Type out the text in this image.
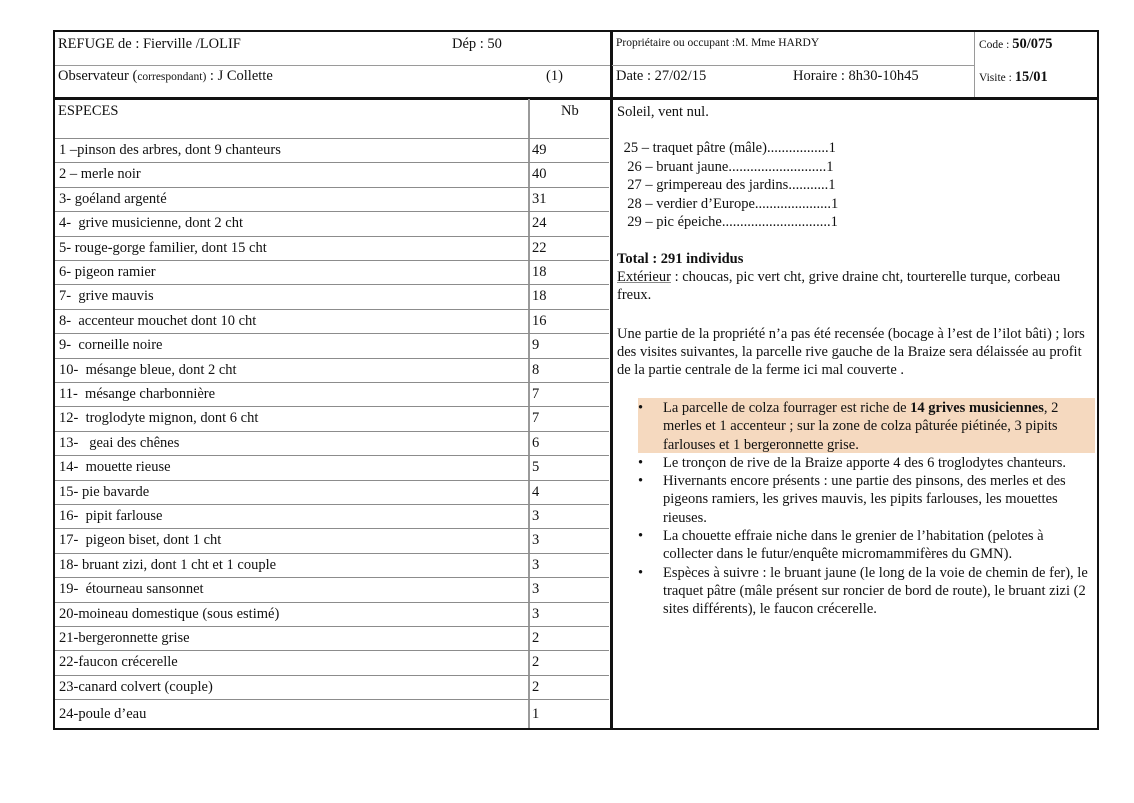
REFUGE de : Fierville /LOLIF	Dép : 50
Observateur (correspondant) : J Collette	(1)
Propriétaire ou occupant :M. Mme HARDY
Date : 27/02/15	Horaire : 8h30-10h45
Code : 50/075
Visite : 15/01
ESPECES	Nb
1 –pinson des arbres, dont 9 chanteurs	49
2 – merle noir	40
3- goéland argenté	31
4-  grive musicienne, dont 2 cht	24
5- rouge-gorge familier, dont 15 cht	22
6- pigeon ramier	18
7-  grive mauvis	18
8-  accenteur mouchet dont 10 cht	16
9-  corneille noire	9
10-  mésange bleue, dont 2 cht	8
11-  mésange charbonnière	7
12-  troglodyte mignon, dont 6 cht	7
13-   geai des chênes	6
14-  mouette rieuse	5
15- pie bavarde	4
16-  pipit farlouse	3
17-  pigeon biset, dont 1 cht	3
18- bruant zizi, dont 1 cht et 1 couple	3
19-  étourneau sansonnet	3
20-moineau domestique (sous estimé)	3
21-bergeronnette grise	2
22-faucon crécerelle	2
23-canard colvert (couple)	2
24-poule d’eau	1
Soleil, vent nul.
25 – traquet pâtre (mâle).................1
26 – bruant jaune...........................1
27 – grimpereau des jardins...........1
28 – verdier d’Europe.....................1
29 – pic épeiche..............................1
Total : 291 individus
Extérieur : choucas, pic vert cht, grive draine cht, tourterelle turque, corbeau freux.
Une partie de la propriété n’a pas été recensée (bocage à l’est de l’ilot bâti) ; lors des visites suivantes, la parcelle rive gauche de la Braize sera délaissée au profit de la partie centrale de la ferme ici mal couverte .
• La parcelle de colza fourrager est riche de 14 grives musiciennes, 2 merles et 1 accenteur ; sur la zone de colza pâturée piétinée, 3 pipits farlouses et 1 bergeronnette grise.
• Le tronçon de rive de la Braize apporte 4 des 6 troglodytes chanteurs.
• Hivernants encore présents : une partie des pinsons, des merles et des pigeons ramiers, les grives mauvis, les pipits farlouses, les mouettes rieuses.
• La chouette effraie niche dans le grenier de l’habitation (pelotes à collecter dans le futur/enquête micromammifères du GMN).
• Espèces à suivre : le bruant jaune (le long de la voie de chemin de fer), le traquet pâtre (mâle présent sur roncier de bord de route), le bruant zizi (2 sites différents), le faucon crécerelle.
